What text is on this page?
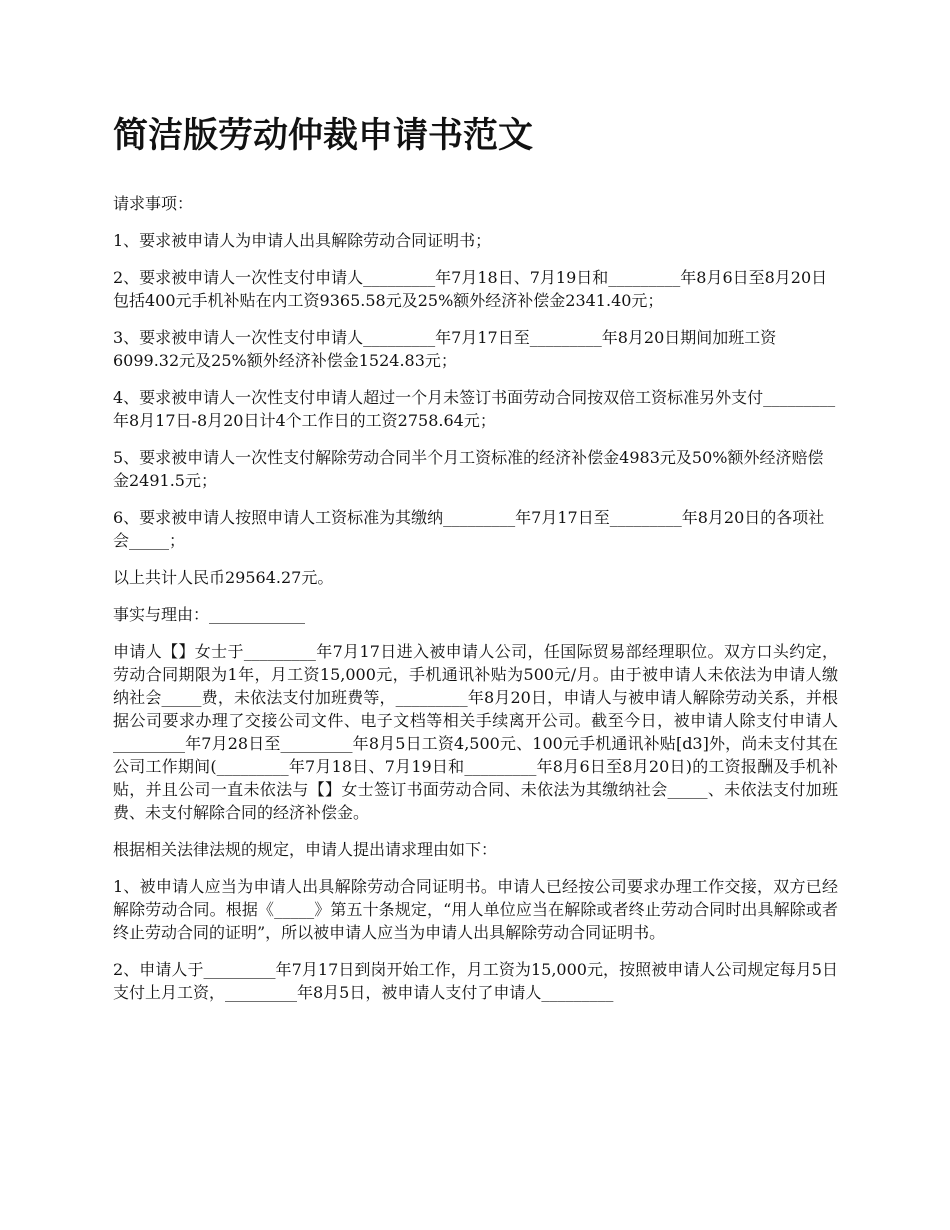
简洁版劳动仲裁申请书范文

请求事项：

1、要求被申请人为申请人出具解除劳动合同证明书；

2、要求被申请人一次性支付申请人_________年7月18日、7月19日和_________年8月6日至8月20日包括400元手机补贴在内工资9365.58元及25%额外经济补偿金2341.40元；

3、要求被申请人一次性支付申请人_________年7月17日至_________年8月20日期间加班工资6099.32元及25%额外经济补偿金1524.83元；

4、要求被申请人一次性支付申请人超过一个月未签订书面劳动合同按双倍工资标准另外支付_________年8月17日-8月20日计4个工作日的工资2758.64元；

5、要求被申请人一次性支付解除劳动合同半个月工资标准的经济补偿金4983元及50%额外经济赔偿金2491.5元；

6、要求被申请人按照申请人工资标准为其缴纳_________年7月17日至_________年8月20日的各项社会_____；

以上共计人民币29564.27元。

事实与理由：____________

申请人【】女士于_________年7月17日进入被申请人公司，任国际贸易部经理职位。双方口头约定，劳动合同期限为1年，月工资15,000元，手机通讯补贴为500元/月。由于被申请人未依法为申请人缴纳社会_____费，未依法支付加班费等，_________年8月20日，申请人与被申请人解除劳动关系，并根据公司要求办理了交接公司文件、电子文档等相关手续离开公司。截至今日，被申请人除支付申请人_________年7月28日至_________年8月5日工资4,500元、100元手机通讯补贴[d3]外，尚未支付其在公司工作期间(_________年7月18日、7月19日和_________年8月6日至8月20日)的工资报酬及手机补贴，并且公司一直未依法与【】女士签订书面劳动合同、未依法为其缴纳社会_____、未依法支付加班费、未支付解除合同的经济补偿金。

根据相关法律法规的规定，申请人提出请求理由如下：

1、被申请人应当为申请人出具解除劳动合同证明书。申请人已经按公司要求办理工作交接，双方已经解除劳动合同。根据《_____》第五十条规定，“用人单位应当在解除或者终止劳动合同时出具解除或者终止劳动合同的证明”，所以被申请人应当为申请人出具解除劳动合同证明书。

2、申请人于_________年7月17日到岗开始工作，月工资为15,000元，按照被申请人公司规定每月5日支付上月工资，_________年8月5日，被申请人支付了申请人_________
